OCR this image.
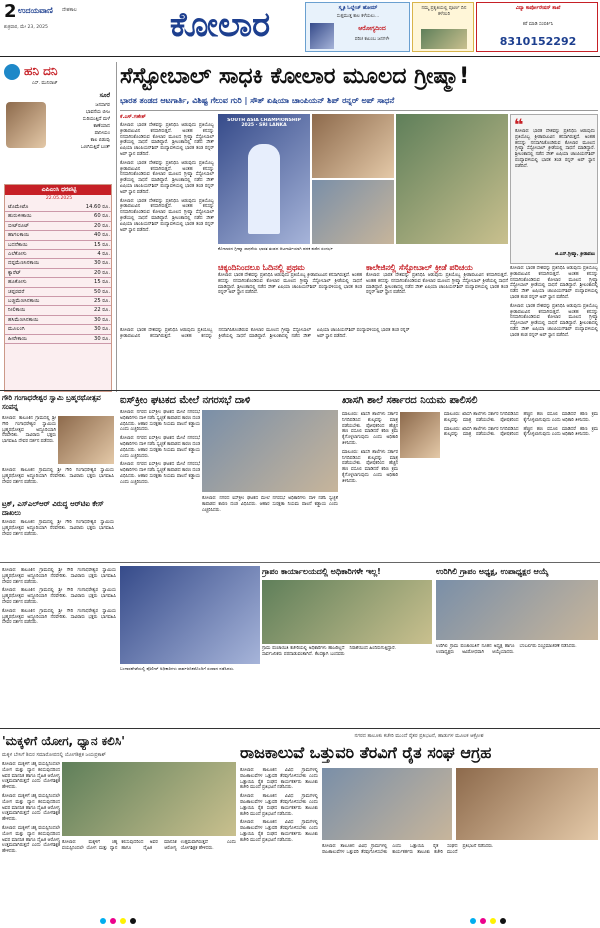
2 ಉದಯವಾಣಿ ದೇಶಕಾಲ
ಶುಕ್ರವಾರ, ಮೇ 23, 2025	ಕೋಲಾರ	ಸ್ಮೃತಿ ಓಲ್ಡೇಜ್ ಹೋಮ್
ಸುತ್ತಮುತ್ತ ಕಾಲ ಕಳೆಯಲು...
ಆರೋಗ್ಯದಿಂದ
ಪರಿಚ ಕಟುಂಬ ಜನಗಳೇ
ನಮ್ಮ ಪ್ರಕೃತಿಯಲ್ಲಿ ಪೂರ್ಣ ದಿನ ಕಳೆಯಿರಿ
ವಿದ್ಯಾ ಕಾರ್ಪೋರೇಷನ್ ಶಾಖೆ
ಕರೆ ಮಾಡಿ ಸಂಪರ್ಕಿಸಿ
8310152292
ಹನಿ ದನಿ
ಎಸ್. ಮುನಿರಾಜ್
ಸೂರೆ
ಜನಸಾಗರ
ಭಾವನೆಯ ಬೀಜ
ಸುರಿಯುತ್ತಿದೆ ಮಳೆ
ಕಾಣೆಯಾದ
ಪಾನೀಯಂ
ಕಾಲ ಬಿಡುವು
ಒಣಗಿಸುತ್ತಿವೆ ಬಂತ್
ಎಪಿಎಂಸಿ ಧರಪಟ್ಟಿ
22.05.2025
ಟೊಮೇಟೊ	14.60 ರೂ.
ಹುರುಳೀಕಾಯಿ	60 ರೂ.
ಬೀಟ್‌ರೂಟ್	20 ರೂ.
ಹಾಗಲಕಾಯಿ	40 ರೂ.
ಬದನೆಕಾಯಿ	15 ರೂ.
ಎಲೆಕೋಸು	4 ರೂ.
ದಪ್ಪಮೆಣಸಿನಕಾಯಿ	30 ರೂ.
ಕ್ಯಾರೆಟ್	20 ರೂ.
ಹೂಕೋಸು	15 ರೂ.
ಚಪ್ಪರವರೆ	50 ರೂ.
ಬಜ್ಜಿಮೆಣಸಿನಕಾಯಿ	25 ರೂ.
ನೀಲಿಕಾಯಿ	22 ರೂ.
ಹಸಿಮೆಣಸಿನಕಾಯಿ	30 ರೂ.
ಮೂಲಂಗಿ	30 ರೂ.
ಹೀರೇಕಾಯಿ	30 ರೂ.
ಸೆಸ್ಟೋಬಾಲ್ ಸಾಧಕಿ ಕೋಲಾರ ಮೂಲದ ಗ್ರೀಷ್ಮಾ!
ಭಾರತ ತಂಡದ ಆಟಗಾರ್ತಿ, ವಿಶಿಷ್ಟ ಗೆಲುವ ಗುರಿ | ಸೌತ್ ಏಷಿಯಾ ಚಾಂಪಿಯನ್ ಶಿಪ್ ರನ್ನರ್ ಅಪ್ ಸಾಧನೆ
ಕೆ.ಎಸ್.ಗಣೇಶ್
ಕೋಲಾರ: ಭಾರತ ದೇಶವನ್ನು ಪ್ರತಿನಿಧಿಸಿ ಆಡುವುದು ಪ್ರತಿಯೊಬ್ಬ ಕ್ರೀಡಾಪಟುವಿನ ಕನಸಾಗಿರುತ್ತದೆ. ಅಂತಹ ಕನಸನ್ನು ನನಸಾಗಿಸಿಕೊಂಡಿರುವ ಕೋಲಾರ ಮೂಲದ ಗ್ರೀಷ್ಮಾ ಸೆಸ್ಟೋಬಾಲ್ ಕ್ರೀಡೆಯಲ್ಲಿ ಸಾಧನೆ ಮಾಡಿದ್ದಾರೆ. ಶ್ರೀಲಂಕಾದಲ್ಲಿ ನಡೆದ ಸೌತ್ ಏಷಿಯಾ ಚಾಂಪಿಯನ್‌ಶಿಪ್ ಪಂದ್ಯಾವಳಿಯಲ್ಲಿ ಭಾರತ ತಂಡ ರನ್ನರ್ ಅಪ್ ಸ್ಥಾನ ಪಡೆದಿದೆ.
ಕೋಲಾರ: ಭಾರತ ದೇಶವನ್ನು ಪ್ರತಿನಿಧಿಸಿ ಆಡುವುದು ಪ್ರತಿಯೊಬ್ಬ ಕ್ರೀಡಾಪಟುವಿನ ಕನಸಾಗಿರುತ್ತದೆ. ಅಂತಹ ಕನಸನ್ನು ನನಸಾಗಿಸಿಕೊಂಡಿರುವ ಕೋಲಾರ ಮೂಲದ ಗ್ರೀಷ್ಮಾ ಸೆಸ್ಟೋಬಾಲ್ ಕ್ರೀಡೆಯಲ್ಲಿ ಸಾಧನೆ ಮಾಡಿದ್ದಾರೆ. ಶ್ರೀಲಂಕಾದಲ್ಲಿ ನಡೆದ ಸೌತ್ ಏಷಿಯಾ ಚಾಂಪಿಯನ್‌ಶಿಪ್ ಪಂದ್ಯಾವಳಿಯಲ್ಲಿ ಭಾರತ ತಂಡ ರನ್ನರ್ ಅಪ್ ಸ್ಥಾನ ಪಡೆದಿದೆ.
ಕೋಲಾರ: ಭಾರತ ದೇಶವನ್ನು ಪ್ರತಿನಿಧಿಸಿ ಆಡುವುದು ಪ್ರತಿಯೊಬ್ಬ ಕ್ರೀಡಾಪಟುವಿನ ಕನಸಾಗಿರುತ್ತದೆ. ಅಂತಹ ಕನಸನ್ನು ನನಸಾಗಿಸಿಕೊಂಡಿರುವ ಕೋಲಾರ ಮೂಲದ ಗ್ರೀಷ್ಮಾ ಸೆಸ್ಟೋಬಾಲ್ ಕ್ರೀಡೆಯಲ್ಲಿ ಸಾಧನೆ ಮಾಡಿದ್ದಾರೆ. ಶ್ರೀಲಂಕಾದಲ್ಲಿ ನಡೆದ ಸೌತ್ ಏಷಿಯಾ ಚಾಂಪಿಯನ್‌ಶಿಪ್ ಪಂದ್ಯಾವಳಿಯಲ್ಲಿ ಭಾರತ ತಂಡ ರನ್ನರ್ ಅಪ್ ಸ್ಥಾನ ಪಡೆದಿದೆ.
SOUTH ASIA CHAMPIONSHIP 2025 · SRI LANKA	❝
ಕೋಲಾರ: ಭಾರತ ದೇಶವನ್ನು ಪ್ರತಿನಿಧಿಸಿ ಆಡುವುದು ಪ್ರತಿಯೊಬ್ಬ ಕ್ರೀಡಾಪಟುವಿನ ಕನಸಾಗಿರುತ್ತದೆ. ಅಂತಹ ಕನಸನ್ನು ನನಸಾಗಿಸಿಕೊಂಡಿರುವ ಕೋಲಾರ ಮೂಲದ ಗ್ರೀಷ್ಮಾ ಸೆಸ್ಟೋಬಾಲ್ ಕ್ರೀಡೆಯಲ್ಲಿ ಸಾಧನೆ ಮಾಡಿದ್ದಾರೆ. ಶ್ರೀಲಂಕಾದಲ್ಲಿ ನಡೆದ ಸೌತ್ ಏಷಿಯಾ ಚಾಂಪಿಯನ್‌ಶಿಪ್ ಪಂದ್ಯಾವಳಿಯಲ್ಲಿ ಭಾರತ ತಂಡ ರನ್ನರ್ ಅಪ್ ಸ್ಥಾನ ಪಡೆದಿದೆ.
ಜಿ.ಎಸ್.ಗ್ರೀಷ್ಮಾ, ಕ್ರೀಡಾಪಟು
ಕೋಲಾರದ ಗ್ರೀಷ್ಮಾ ಸಾಧನೆಯ ಭಾರತ ತಂಡದ ಆಟಗಾರ್ತಿಯಾಗಿ ಪದಕ ಪಡೆದ ಸಂದರ್ಭ
ಚಿಕ್ಕಂದಿನಿಂದಲೂ ಓದಿನಲ್ಲಿ ಪ್ರಥಮ
ಕೋಲಾರ: ಭಾರತ ದೇಶವನ್ನು ಪ್ರತಿನಿಧಿಸಿ ಆಡುವುದು ಪ್ರತಿಯೊಬ್ಬ ಕ್ರೀಡಾಪಟುವಿನ ಕನಸಾಗಿರುತ್ತದೆ. ಅಂತಹ ಕನಸನ್ನು ನನಸಾಗಿಸಿಕೊಂಡಿರುವ ಕೋಲಾರ ಮೂಲದ ಗ್ರೀಷ್ಮಾ ಸೆಸ್ಟೋಬಾಲ್ ಕ್ರೀಡೆಯಲ್ಲಿ ಸಾಧನೆ ಮಾಡಿದ್ದಾರೆ. ಶ್ರೀಲಂಕಾದಲ್ಲಿ ನಡೆದ ಸೌತ್ ಏಷಿಯಾ ಚಾಂಪಿಯನ್‌ಶಿಪ್ ಪಂದ್ಯಾವಳಿಯಲ್ಲಿ ಭಾರತ ತಂಡ ರನ್ನರ್ ಅಪ್ ಸ್ಥಾನ ಪಡೆದಿದೆ.
ಕಾಲೇಜಿನಲ್ಲಿ ಸೆಸ್ಟೋಬಾಲ್ ಕ್ರೀಡೆ ಪರಿಚಯ
ಕೋಲಾರ: ಭಾರತ ದೇಶವನ್ನು ಪ್ರತಿನಿಧಿಸಿ ಆಡುವುದು ಪ್ರತಿಯೊಬ್ಬ ಕ್ರೀಡಾಪಟುವಿನ ಕನಸಾಗಿರುತ್ತದೆ. ಅಂತಹ ಕನಸನ್ನು ನನಸಾಗಿಸಿಕೊಂಡಿರುವ ಕೋಲಾರ ಮೂಲದ ಗ್ರೀಷ್ಮಾ ಸೆಸ್ಟೋಬಾಲ್ ಕ್ರೀಡೆಯಲ್ಲಿ ಸಾಧನೆ ಮಾಡಿದ್ದಾರೆ. ಶ್ರೀಲಂಕಾದಲ್ಲಿ ನಡೆದ ಸೌತ್ ಏಷಿಯಾ ಚಾಂಪಿಯನ್‌ಶಿಪ್ ಪಂದ್ಯಾವಳಿಯಲ್ಲಿ ಭಾರತ ತಂಡ ರನ್ನರ್ ಅಪ್ ಸ್ಥಾನ ಪಡೆದಿದೆ.
ಕೋಲಾರ: ಭಾರತ ದೇಶವನ್ನು ಪ್ರತಿನಿಧಿಸಿ ಆಡುವುದು ಪ್ರತಿಯೊಬ್ಬ ಕ್ರೀಡಾಪಟುವಿನ ಕನಸಾಗಿರುತ್ತದೆ. ಅಂತಹ ಕನಸನ್ನು ನನಸಾಗಿಸಿಕೊಂಡಿರುವ ಕೋಲಾರ ಮೂಲದ ಗ್ರೀಷ್ಮಾ ಸೆಸ್ಟೋಬಾಲ್ ಕ್ರೀಡೆಯಲ್ಲಿ ಸಾಧನೆ ಮಾಡಿದ್ದಾರೆ. ಶ್ರೀಲಂಕಾದಲ್ಲಿ ನಡೆದ ಸೌತ್ ಏಷಿಯಾ ಚಾಂಪಿಯನ್‌ಶಿಪ್ ಪಂದ್ಯಾವಳಿಯಲ್ಲಿ ಭಾರತ ತಂಡ ರನ್ನರ್ ಅಪ್ ಸ್ಥಾನ ಪಡೆದಿದೆ.
ಕೋಲಾರ: ಭಾರತ ದೇಶವನ್ನು ಪ್ರತಿನಿಧಿಸಿ ಆಡುವುದು ಪ್ರತಿಯೊಬ್ಬ ಕ್ರೀಡಾಪಟುವಿನ ಕನಸಾಗಿರುತ್ತದೆ. ಅಂತಹ ಕನಸನ್ನು ನನಸಾಗಿಸಿಕೊಂಡಿರುವ ಕೋಲಾರ ಮೂಲದ ಗ್ರೀಷ್ಮಾ ಸೆಸ್ಟೋಬಾಲ್ ಕ್ರೀಡೆಯಲ್ಲಿ ಸಾಧನೆ ಮಾಡಿದ್ದಾರೆ. ಶ್ರೀಲಂಕಾದಲ್ಲಿ ನಡೆದ ಸೌತ್ ಏಷಿಯಾ ಚಾಂಪಿಯನ್‌ಶಿಪ್ ಪಂದ್ಯಾವಳಿಯಲ್ಲಿ ಭಾರತ ತಂಡ ರನ್ನರ್ ಅಪ್ ಸ್ಥಾನ ಪಡೆದಿದೆ.
ಕೋಲಾರ: ಭಾರತ ದೇಶವನ್ನು ಪ್ರತಿನಿಧಿಸಿ ಆಡುವುದು ಪ್ರತಿಯೊಬ್ಬ ಕ್ರೀಡಾಪಟುವಿನ ಕನಸಾಗಿರುತ್ತದೆ. ಅಂತಹ ಕನಸನ್ನು ನನಸಾಗಿಸಿಕೊಂಡಿರುವ ಕೋಲಾರ ಮೂಲದ ಗ್ರೀಷ್ಮಾ ಸೆಸ್ಟೋಬಾಲ್ ಕ್ರೀಡೆಯಲ್ಲಿ ಸಾಧನೆ ಮಾಡಿದ್ದಾರೆ. ಶ್ರೀಲಂಕಾದಲ್ಲಿ ನಡೆದ ಸೌತ್ ಏಷಿಯಾ ಚಾಂಪಿಯನ್‌ಶಿಪ್ ಪಂದ್ಯಾವಳಿಯಲ್ಲಿ ಭಾರತ ತಂಡ ರನ್ನರ್ ಅಪ್ ಸ್ಥಾನ ಪಡೆದಿದೆ.
ಗೌರಿ ಗಂಗಾಧರೇಶ್ವರ ಸ್ವಾಮಿ ಬ್ರಹ್ಮರಥೋತ್ಸವ ಸಂಪನ್ನ
ಕೋಲಾರ: ತಾಲೂಕಿನ ಗ್ರಾಮದಲ್ಲಿ ಶ್ರೀ ಗೌರಿ ಗಂಗಾಧರೇಶ್ವರ ಸ್ವಾಮಿಯ ಬ್ರಹ್ಮರಥೋತ್ಸವ ಅದ್ದೂರಿಯಾಗಿ ನೆರವೇರಿತು. ಸಾವಿರಾರು ಭಕ್ತರು ಭಾಗವಹಿಸಿ ದೇವರ ದರ್ಶನ ಪಡೆದರು.
ಕೋಲಾರ: ತಾಲೂಕಿನ ಗ್ರಾಮದಲ್ಲಿ ಶ್ರೀ ಗೌರಿ ಗಂಗಾಧರೇಶ್ವರ ಸ್ವಾಮಿಯ ಬ್ರಹ್ಮರಥೋತ್ಸವ ಅದ್ದೂರಿಯಾಗಿ ನೆರವೇರಿತು. ಸಾವಿರಾರು ಭಕ್ತರು ಭಾಗವಹಿಸಿ ದೇವರ ದರ್ಶನ ಪಡೆದರು.
ಟ್ರಕ್, ಎಸ್‌ಎಲ್‌ಆರ್ ವಿರುದ್ಧ ಆರ್‌ಟಿಐ ಕೇಸ್ ದಾಖಲು
ಕೋಲಾರ: ತಾಲೂಕಿನ ಗ್ರಾಮದಲ್ಲಿ ಶ್ರೀ ಗೌರಿ ಗಂಗಾಧರೇಶ್ವರ ಸ್ವಾಮಿಯ ಬ್ರಹ್ಮರಥೋತ್ಸವ ಅದ್ದೂರಿಯಾಗಿ ನೆರವೇರಿತು. ಸಾವಿರಾರು ಭಕ್ತರು ಭಾಗವಹಿಸಿ ದೇವರ ದರ್ಶನ ಪಡೆದರು.
ಐಸ್‌ಕ್ರೀಂ ಘಟಕದ ಮೇಲೆ ನಗರಸಭೆ ದಾಳಿ
ಕೋಲಾರ: ನಗರದ ಐಸ್‌ಕ್ರೀಂ ಘಟಕದ ಮೇಲೆ ನಗರಸಭೆ ಅಧಿಕಾರಿಗಳು ದಾಳಿ ನಡೆಸಿ ಸ್ವಚ್ಛತೆ ಕಾಪಾಡದ ಕಾರಣ ದಂಡ ವಿಧಿಸಿದರು. ಆಹಾರ ಸುರಕ್ಷತಾ ನಿಯಮ ಪಾಲನೆ ಕಡ್ಡಾಯ ಎಂದು ಎಚ್ಚರಿಸಿದರು.
ಕೋಲಾರ: ನಗರದ ಐಸ್‌ಕ್ರೀಂ ಘಟಕದ ಮೇಲೆ ನಗರಸಭೆ ಅಧಿಕಾರಿಗಳು ದಾಳಿ ನಡೆಸಿ ಸ್ವಚ್ಛತೆ ಕಾಪಾಡದ ಕಾರಣ ದಂಡ ವಿಧಿಸಿದರು. ಆಹಾರ ಸುರಕ್ಷತಾ ನಿಯಮ ಪಾಲನೆ ಕಡ್ಡಾಯ ಎಂದು ಎಚ್ಚರಿಸಿದರು.
ಕೋಲಾರ: ನಗರದ ಐಸ್‌ಕ್ರೀಂ ಘಟಕದ ಮೇಲೆ ನಗರಸಭೆ ಅಧಿಕಾರಿಗಳು ದಾಳಿ ನಡೆಸಿ ಸ್ವಚ್ಛತೆ ಕಾಪಾಡದ ಕಾರಣ ದಂಡ ವಿಧಿಸಿದರು. ಆಹಾರ ಸುರಕ್ಷತಾ ನಿಯಮ ಪಾಲನೆ ಕಡ್ಡಾಯ ಎಂದು ಎಚ್ಚರಿಸಿದರು.
ಕೋಲಾರ: ನಗರದ ಐಸ್‌ಕ್ರೀಂ ಘಟಕದ ಮೇಲೆ ನಗರಸಭೆ ಅಧಿಕಾರಿಗಳು ದಾಳಿ ನಡೆಸಿ ಸ್ವಚ್ಛತೆ ಕಾಪಾಡದ ಕಾರಣ ದಂಡ ವಿಧಿಸಿದರು. ಆಹಾರ ಸುರಕ್ಷತಾ ನಿಯಮ ಪಾಲನೆ ಕಡ್ಡಾಯ ಎಂದು ಎಚ್ಚರಿಸಿದರು.
ಖಾಸಗಿ ಶಾಲೆ ಸರ್ಕಾರದ ನಿಯಮ ಪಾಲಿಸಲಿ
ಮಾಲೂರು: ಖಾಸಗಿ ಶಾಲೆಗಳು ಸರ್ಕಾರ ನಿಗದಿಪಡಿಸಿದ ಶುಲ್ಕವನ್ನು ಮಾತ್ರ ಪಡೆಯಬೇಕು. ಪೋಷಕರಿಂದ ಹೆಚ್ಚಿನ ಹಣ ವಸೂಲಿ ಮಾಡಿದರೆ ಕಠಿಣ ಕ್ರಮ ಕೈಗೊಳ್ಳಲಾಗುವುದು ಎಂದು ಅಧಿಕಾರಿ ತಿಳಿಸಿದರು.
ಮಾಲೂರು: ಖಾಸಗಿ ಶಾಲೆಗಳು ಸರ್ಕಾರ ನಿಗದಿಪಡಿಸಿದ ಶುಲ್ಕವನ್ನು ಮಾತ್ರ ಪಡೆಯಬೇಕು. ಪೋಷಕರಿಂದ ಹೆಚ್ಚಿನ ಹಣ ವಸೂಲಿ ಮಾಡಿದರೆ ಕಠಿಣ ಕ್ರಮ ಕೈಗೊಳ್ಳಲಾಗುವುದು ಎಂದು ಅಧಿಕಾರಿ ತಿಳಿಸಿದರು.
ಮಾಲೂರು: ಖಾಸಗಿ ಶಾಲೆಗಳು ಸರ್ಕಾರ ನಿಗದಿಪಡಿಸಿದ ಶುಲ್ಕವನ್ನು ಮಾತ್ರ ಪಡೆಯಬೇಕು. ಪೋಷಕರಿಂದ ಹೆಚ್ಚಿನ ಹಣ ವಸೂಲಿ ಮಾಡಿದರೆ ಕಠಿಣ ಕ್ರಮ ಕೈಗೊಳ್ಳಲಾಗುವುದು ಎಂದು ಅಧಿಕಾರಿ ತಿಳಿಸಿದರು.
ಮಾಲೂರು: ಖಾಸಗಿ ಶಾಲೆಗಳು ಸರ್ಕಾರ ನಿಗದಿಪಡಿಸಿದ ಶುಲ್ಕವನ್ನು ಮಾತ್ರ ಪಡೆಯಬೇಕು. ಪೋಷಕರಿಂದ ಹೆಚ್ಚಿನ ಹಣ ವಸೂಲಿ ಮಾಡಿದರೆ ಕಠಿಣ ಕ್ರಮ ಕೈಗೊಳ್ಳಲಾಗುವುದು ಎಂದು ಅಧಿಕಾರಿ ತಿಳಿಸಿದರು.
ಬಂಗಾರಪೇಟೆಯಲ್ಲಿ ಪೊಲೀಸ್ ಅಧಿಕಾರಿಗಳು ಸಾರ್ವಜನಿಕರೊಂದಿಗೆ ಸಂವಾದ ನಡೆಸಿದರು.
ಗ್ರಾಪಂ ಕಾರ್ಯಾಲಯದಲ್ಲಿ ಅಧಿಕಾರಿಗಳೇ ಇಲ್ಲ!
ಗ್ರಾಮ ಪಂಚಾಯಿತಿ ಕಚೇರಿಯಲ್ಲಿ ಅಧಿಕಾರಿಗಳು ಹಾಜರಿಲ್ಲದೆ ಸಾರ್ವಜನಿಕರು ಪರದಾಡುವಂತಾಗಿದೆ. ಕೆಲಸಕ್ಕಾಗಿ ಬಂದವರು ನಿರಾಶೆಯಿಂದ ಹಿಂದಿರುಗುತ್ತಿದ್ದಾರೆ.
ಉರಿಗಿಲಿ ಗ್ರಾಪಂ ಅಧ್ಯಕ್ಷ, ಉಪಾಧ್ಯಕ್ಷರ ಆಯ್ಕೆ
ಉರಿಗಿಲಿ ಗ್ರಾಮ ಪಂಚಾಯಿತಿಗೆ ನೂತನ ಅಧ್ಯಕ್ಷ ಹಾಗೂ ಉಪಾಧ್ಯಕ್ಷರು ಅವಿರೋಧವಾಗಿ ಆಯ್ಕೆಯಾದರು. ಬೆಂಬಲಿಗರು ಸಂಭ್ರಮಾಚರಣೆ ನಡೆಸಿದರು.
ಕೋಲಾರ: ತಾಲೂಕಿನ ಗ್ರಾಮದಲ್ಲಿ ಶ್ರೀ ಗೌರಿ ಗಂಗಾಧರೇಶ್ವರ ಸ್ವಾಮಿಯ ಬ್ರಹ್ಮರಥೋತ್ಸವ ಅದ್ದೂರಿಯಾಗಿ ನೆರವೇರಿತು. ಸಾವಿರಾರು ಭಕ್ತರು ಭಾಗವಹಿಸಿ ದೇವರ ದರ್ಶನ ಪಡೆದರು.
ಕೋಲಾರ: ತಾಲೂಕಿನ ಗ್ರಾಮದಲ್ಲಿ ಶ್ರೀ ಗೌರಿ ಗಂಗಾಧರೇಶ್ವರ ಸ್ವಾಮಿಯ ಬ್ರಹ್ಮರಥೋತ್ಸವ ಅದ್ದೂರಿಯಾಗಿ ನೆರವೇರಿತು. ಸಾವಿರಾರು ಭಕ್ತರು ಭಾಗವಹಿಸಿ ದೇವರ ದರ್ಶನ ಪಡೆದರು.
ಕೋಲಾರ: ತಾಲೂಕಿನ ಗ್ರಾಮದಲ್ಲಿ ಶ್ರೀ ಗೌರಿ ಗಂಗಾಧರೇಶ್ವರ ಸ್ವಾಮಿಯ ಬ್ರಹ್ಮರಥೋತ್ಸವ ಅದ್ದೂರಿಯಾಗಿ ನೆರವೇರಿತು. ಸಾವಿರಾರು ಭಕ್ತರು ಭಾಗವಹಿಸಿ ದೇವರ ದರ್ಶನ ಪಡೆದರು.
'ಮಕ್ಕಳಿಗೆ ಯೋಗ, ಧ್ಯಾನ ಕಲಿಸಿ'
ಮಕ್ಕಳ ಬೇಸಿಗೆ ಶಿಬಿರ ಸಮಾರೋಪದಲ್ಲಿ ಯೋಗಶಿಕ್ಷಕ ಜಯಪ್ರಕಾಶ್
ಕೋಲಾರ: ಮಕ್ಕಳಿಗೆ ಚಿಕ್ಕ ವಯಸ್ಸಿನಿಂದಲೇ ಯೋಗ ಮತ್ತು ಧ್ಯಾನ ಕಲಿಸುವುದರಿಂದ ಅವರ ಮಾನಸಿಕ ಹಾಗೂ ದೈಹಿಕ ಆರೋಗ್ಯ ಉತ್ತಮವಾಗಿರುತ್ತದೆ ಎಂದು ಯೋಗಶಿಕ್ಷಕ ಹೇಳಿದರು.
ಕೋಲಾರ: ಮಕ್ಕಳಿಗೆ ಚಿಕ್ಕ ವಯಸ್ಸಿನಿಂದಲೇ ಯೋಗ ಮತ್ತು ಧ್ಯಾನ ಕಲಿಸುವುದರಿಂದ ಅವರ ಮಾನಸಿಕ ಹಾಗೂ ದೈಹಿಕ ಆರೋಗ್ಯ ಉತ್ತಮವಾಗಿರುತ್ತದೆ ಎಂದು ಯೋಗಶಿಕ್ಷಕ ಹೇಳಿದರು.
ಕೋಲಾರ: ಮಕ್ಕಳಿಗೆ ಚಿಕ್ಕ ವಯಸ್ಸಿನಿಂದಲೇ ಯೋಗ ಮತ್ತು ಧ್ಯಾನ ಕಲಿಸುವುದರಿಂದ ಅವರ ಮಾನಸಿಕ ಹಾಗೂ ದೈಹಿಕ ಆರೋಗ್ಯ ಉತ್ತಮವಾಗಿರುತ್ತದೆ ಎಂದು ಯೋಗಶಿಕ್ಷಕ ಹೇಳಿದರು.
ಕೋಲಾರ: ಮಕ್ಕಳಿಗೆ ಚಿಕ್ಕ ವಯಸ್ಸಿನಿಂದಲೇ ಯೋಗ ಮತ್ತು ಧ್ಯಾನ ಕಲಿಸುವುದರಿಂದ ಅವರ ಮಾನಸಿಕ ಹಾಗೂ ದೈಹಿಕ ಆರೋಗ್ಯ ಉತ್ತಮವಾಗಿರುತ್ತದೆ ಎಂದು ಯೋಗಶಿಕ್ಷಕ ಹೇಳಿದರು.
ನಗರದ ತಾಲೂಕು ಕಚೇರಿ ಮುಂದೆ ರೈತರ ಪ್ರತಿಭಟನೆ, ಹಾಡುಗಳ ಮೂಲಕ ಆಕ್ರೋಶ
ರಾಜಕಾಲುವೆ ಒತ್ತುವರಿ ತೆರವಿಗೆ ರೈತ ಸಂಘ ಆಗ್ರಹ
ಕೋಲಾರ: ತಾಲೂಕಿನ ವಿವಿಧ ಗ್ರಾಮಗಳಲ್ಲಿ ರಾಜಕಾಲುವೆಗಳ ಒತ್ತುವರಿ ತೆರವುಗೊಳಿಸಬೇಕು ಎಂದು ಒತ್ತಾಯಿಸಿ ರೈತ ಸಂಘದ ಕಾರ್ಯಕರ್ತರು ತಾಲೂಕು ಕಚೇರಿ ಮುಂದೆ ಪ್ರತಿಭಟನೆ ನಡೆಸಿದರು.
ಕೋಲಾರ: ತಾಲೂಕಿನ ವಿವಿಧ ಗ್ರಾಮಗಳಲ್ಲಿ ರಾಜಕಾಲುವೆಗಳ ಒತ್ತುವರಿ ತೆರವುಗೊಳಿಸಬೇಕು ಎಂದು ಒತ್ತಾಯಿಸಿ ರೈತ ಸಂಘದ ಕಾರ್ಯಕರ್ತರು ತಾಲೂಕು ಕಚೇರಿ ಮುಂದೆ ಪ್ರತಿಭಟನೆ ನಡೆಸಿದರು.
ಕೋಲಾರ: ತಾಲೂಕಿನ ವಿವಿಧ ಗ್ರಾಮಗಳಲ್ಲಿ ರಾಜಕಾಲುವೆಗಳ ಒತ್ತುವರಿ ತೆರವುಗೊಳಿಸಬೇಕು ಎಂದು ಒತ್ತಾಯಿಸಿ ರೈತ ಸಂಘದ ಕಾರ್ಯಕರ್ತರು ತಾಲೂಕು ಕಚೇರಿ ಮುಂದೆ ಪ್ರತಿಭಟನೆ ನಡೆಸಿದರು.
ಕೋಲಾರ: ತಾಲೂಕಿನ ವಿವಿಧ ಗ್ರಾಮಗಳಲ್ಲಿ ರಾಜಕಾಲುವೆಗಳ ಒತ್ತುವರಿ ತೆರವುಗೊಳಿಸಬೇಕು ಎಂದು ಒತ್ತಾಯಿಸಿ ರೈತ ಸಂಘದ ಕಾರ್ಯಕರ್ತರು ತಾಲೂಕು ಕಚೇರಿ ಮುಂದೆ ಪ್ರತಿಭಟನೆ ನಡೆಸಿದರು.
